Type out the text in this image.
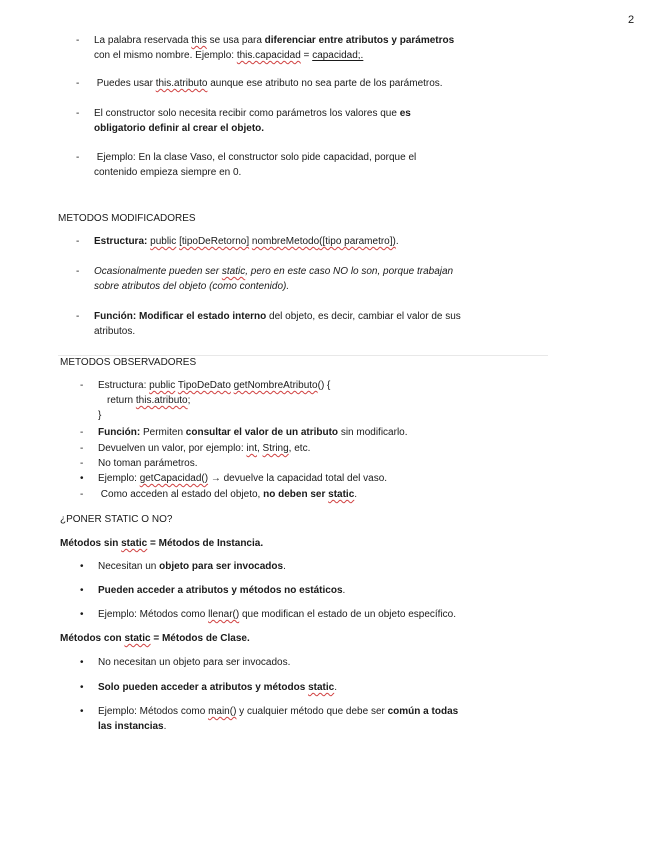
2
-	La palabra reservada this se usa para diferenciar entre atributos y parámetros
con el mismo nombre. Ejemplo: this.capacidad = capacidad;.
-	Puedes usar this.atributo aunque ese atributo no sea parte de los parámetros.
-	El constructor solo necesita recibir como parámetros los valores que es
obligatorio definir al crear el objeto.
-	Ejemplo: En la clase Vaso, el constructor solo pide capacidad, porque el
contenido empieza siempre en 0.
METODOS MODIFICADORES
-	Estructura: public [tipoDeRetorno] nombreMetodo([tipo parametro]).
-	Ocasionalmente pueden ser static, pero en este caso NO lo son, porque trabajan
sobre atributos del objeto (como contenido).
-	Función: Modificar el estado interno del objeto, es decir, cambiar el valor de sus
atributos.
METODOS OBSERVADORES
-	Estructura: public TipoDeDato getNombreAtributo() {
return this.atributo;
}
-	Función: Permiten consultar el valor de un atributo sin modificarlo.
-	Devuelven un valor, por ejemplo: int, String, etc.
-	No toman parámetros.
•	Ejemplo: getCapacidad() → devuelve la capacidad total del vaso.
-	Como acceden al estado del objeto, no deben ser static.
¿PONER STATIC O NO?
Métodos sin static = Métodos de Instancia.
•	Necesitan un objeto para ser invocados.
•	Pueden acceder a atributos y métodos no estáticos.
•	Ejemplo: Métodos como llenar() que modifican el estado de un objeto específico.
Métodos con static = Métodos de Clase.
•	No necesitan un objeto para ser invocados.
•	Solo pueden acceder a atributos y métodos static.
•	Ejemplo: Métodos como main() y cualquier método que debe ser común a todas
las instancias.
